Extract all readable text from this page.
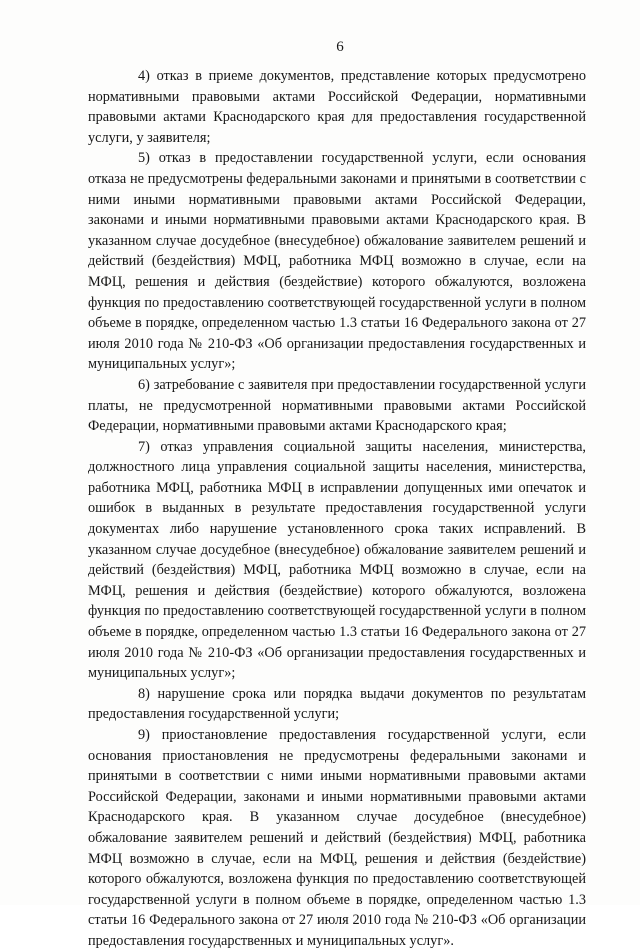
6

4) отказ в приеме документов, представление которых предусмотрено нормативными правовыми актами Российской Федерации, нормативными правовыми актами Краснодарского края для предоставления государственной услуги, у заявителя;

5) отказ в предоставлении государственной услуги, если основания отказа не предусмотрены федеральными законами и принятыми в соответствии с ними иными нормативными правовыми актами Российской Федерации, законами и иными нормативными правовыми актами Краснодарского края. В указанном случае досудебное (внесудебное) обжалование заявителем решений и действий (бездействия) МФЦ, работника МФЦ возможно в случае, если на МФЦ, решения и действия (бездействие) которого обжалуются, возложена функция по предоставлению соответствующей государственной услуги в полном объеме в порядке, определенном частью 1.3 статьи 16 Федерального закона от 27 июля 2010 года № 210-ФЗ «Об организации предоставления государственных и муниципальных услуг»;

6) затребование с заявителя при предоставлении государственной услуги платы, не предусмотренной нормативными правовыми актами Российской Федерации, нормативными правовыми актами Краснодарского края;

7) отказ управления социальной защиты населения, министерства, должностного лица управления социальной защиты населения, министерства, работника МФЦ, работника МФЦ в исправлении допущенных ими опечаток и ошибок в выданных в результате предоставления государственной услуги документах либо нарушение установленного срока таких исправлений. В указанном случае досудебное (внесудебное) обжалование заявителем решений и действий (бездействия) МФЦ, работника МФЦ возможно в случае, если на МФЦ, решения и действия (бездействие) которого обжалуются, возложена функция по предоставлению соответствующей государственной услуги в полном объеме в порядке, определенном частью 1.3 статьи 16 Федерального закона от 27 июля 2010 года № 210-ФЗ «Об организации предоставления государственных и муниципальных услуг»;

8) нарушение срока или порядка выдачи документов по результатам предоставления государственной услуги;

9) приостановление предоставления государственной услуги, если основания приостановления не предусмотрены федеральными законами и принятыми в соответствии с ними иными нормативными правовыми актами Российской Федерации, законами и иными нормативными правовыми актами Краснодарского края. В указанном случае досудебное (внесудебное) обжалование заявителем решений и действий (бездействия) МФЦ, работника МФЦ возможно в случае, если на МФЦ, решения и действия (бездействие) которого обжалуются, возложена функция по предоставлению соответствующей государственной услуги в полном объеме в порядке, определенном частью 1.3 статьи 16 Федерального закона от 27 июля 2010 года № 210-ФЗ «Об организации предоставления государственных и муниципальных услуг».
